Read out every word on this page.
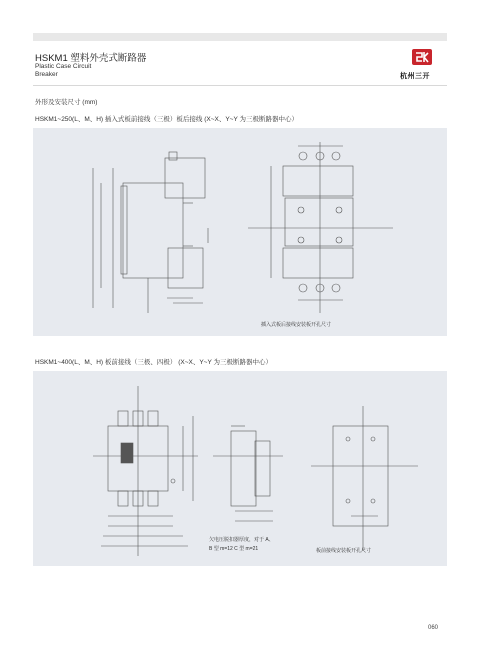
HSKM1 塑料外壳式断路器
Plastic Case Circuit
Breaker	杭州三开
外形及安装尺寸 (mm)
HSKM1~250(L、M、H) 插入式板前接线（三极）板后接线 (X~X、Y~Y 为三极断路器中心）
插入式板后接线安装板开孔尺寸
HSKM1~400(L、M、H) 板前接线（三极、四极） (X~X、Y~Y 为三极断路器中心）
欠电压脱扣器厚度，对于 A、
B 型 m=12 C 型 m=21	板前接线安装板开孔尺寸
060
